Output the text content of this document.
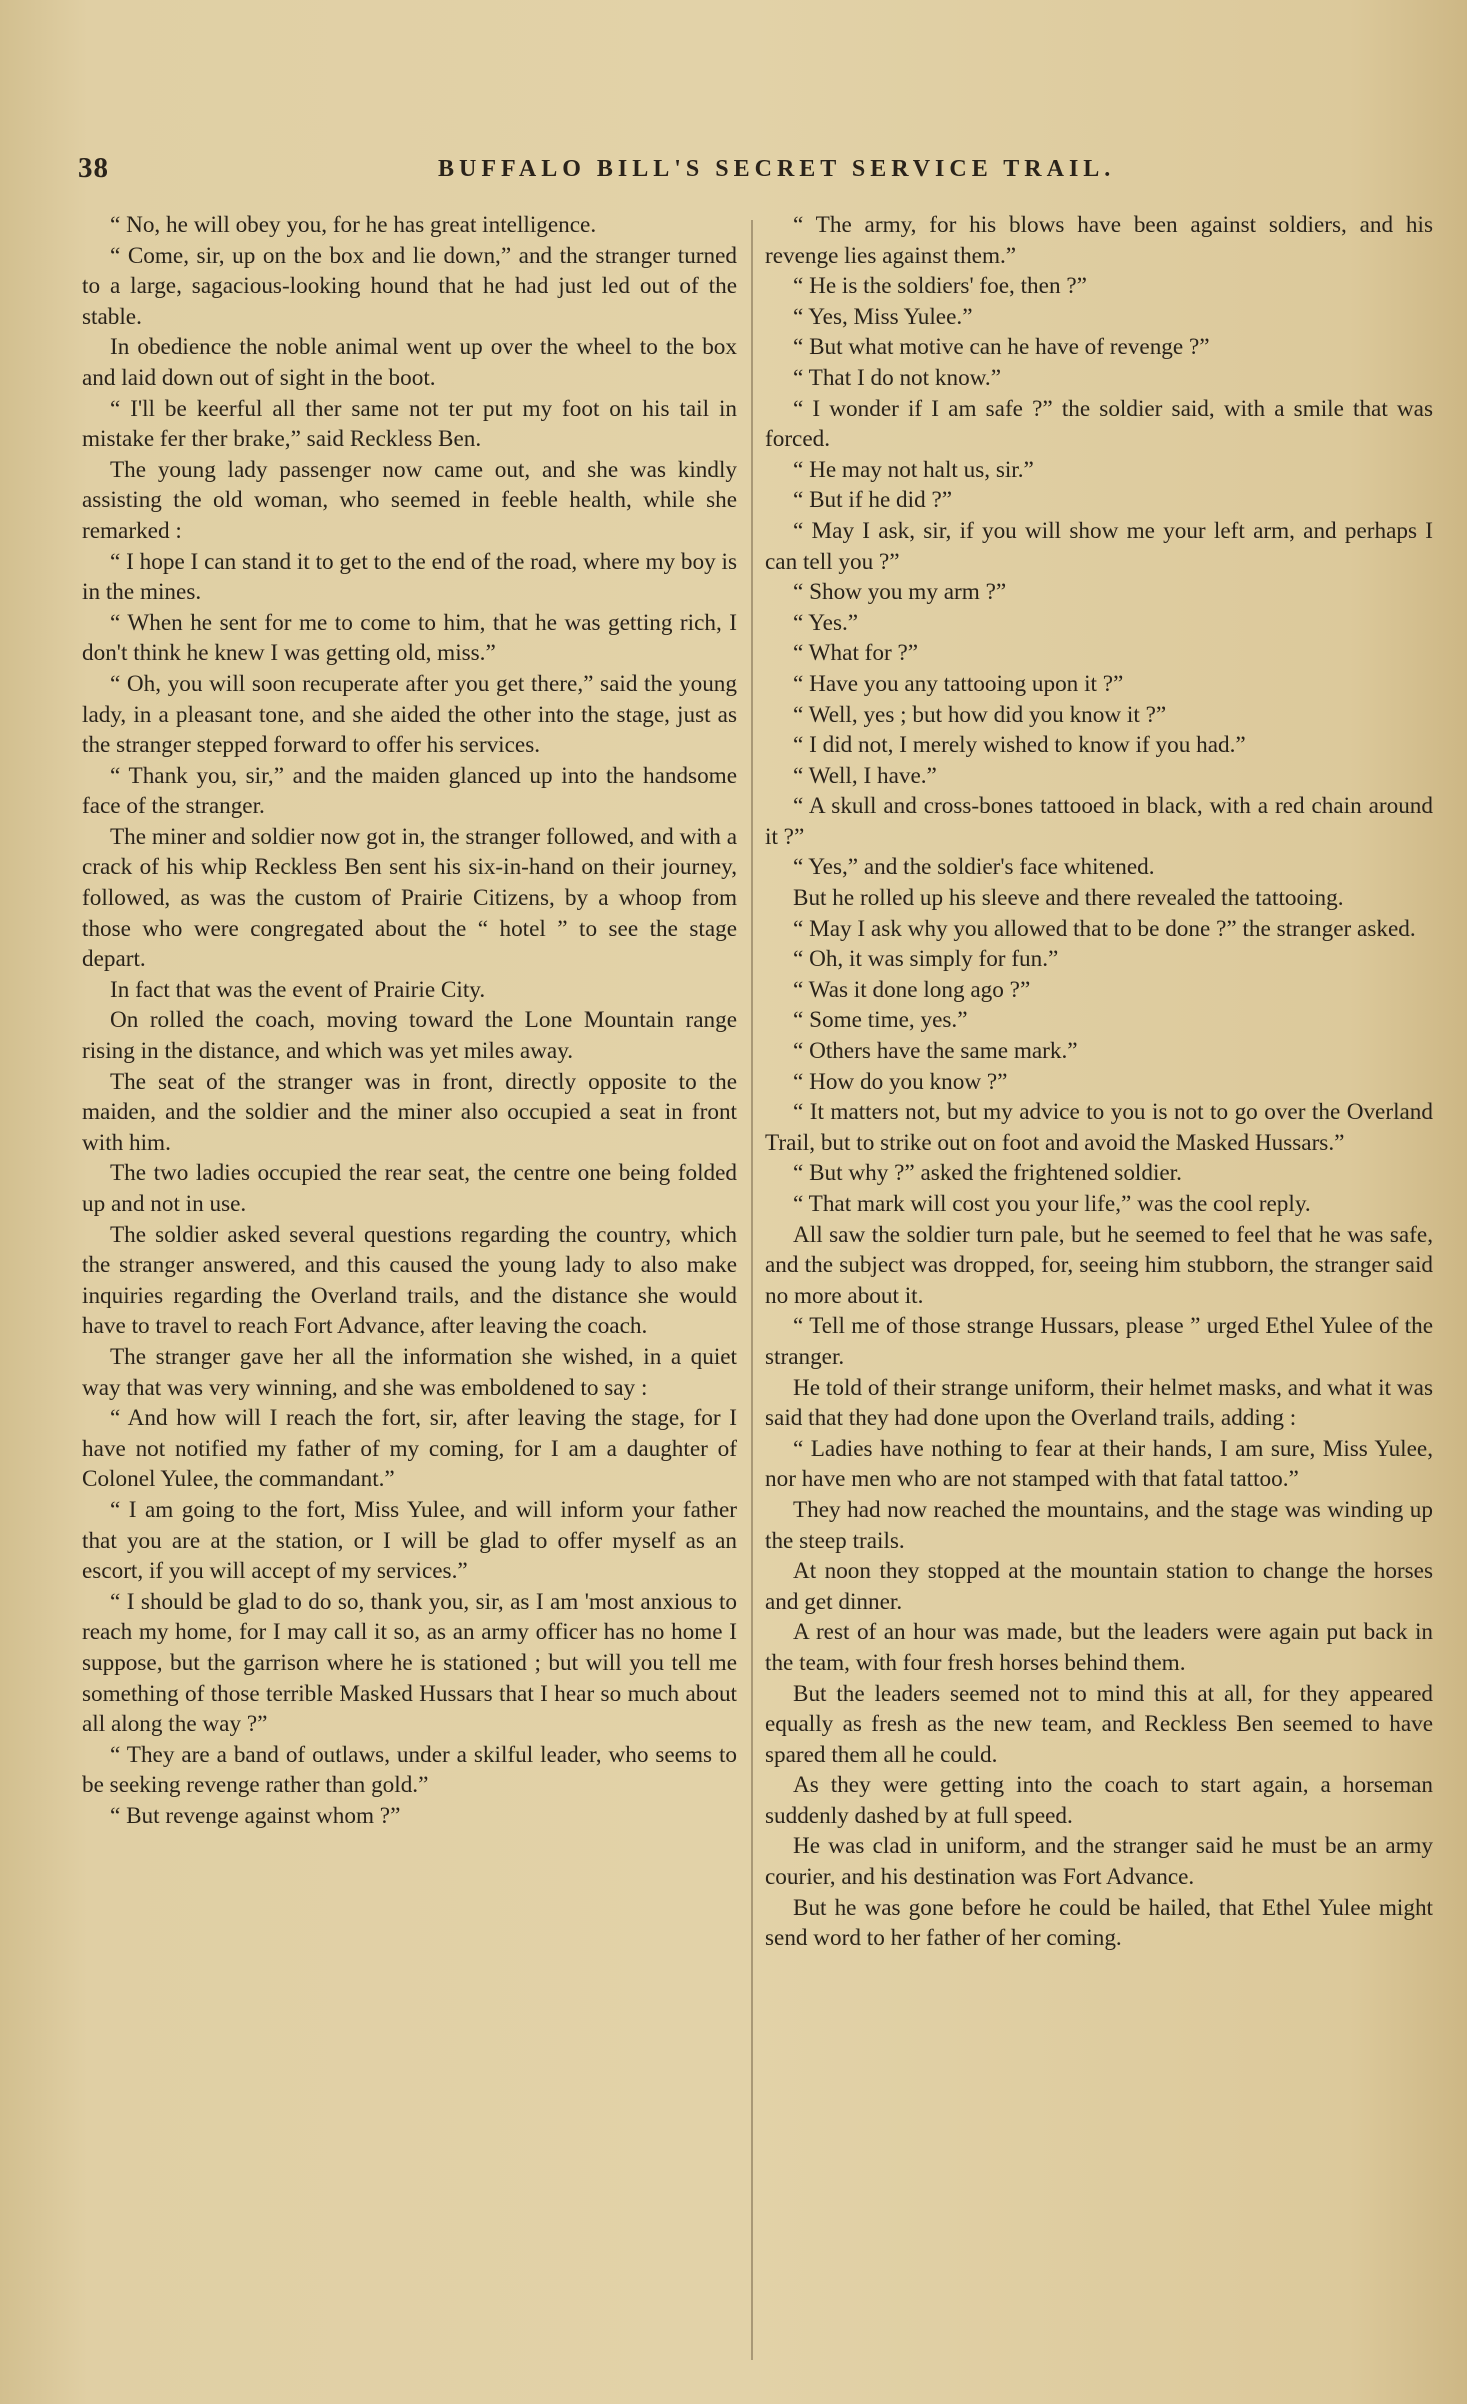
38	BUFFALO BILL'S SECRET SERVICE TRAIL.

“ No, he will obey you, for he has great intelligence.

“ Come, sir, up on the box and lie down,” and the stranger turned to a large, sagacious-looking hound that he had just led out of the stable.

In obedience the noble animal went up over the wheel to the box and laid down out of sight in the boot.

“ I'll be keerful all ther same not ter put my foot on his tail in mistake fer ther brake,” said Reckless Ben.

The young lady passenger now came out, and she was kindly assisting the old woman, who seemed in feeble health, while she remarked :

“ I hope I can stand it to get to the end of the road, where my boy is in the mines.

“ When he sent for me to come to him, that he was getting rich, I don't think he knew I was getting old, miss.”

“ Oh, you will soon recuperate after you get there,” said the young lady, in a pleasant tone, and she aided the other into the stage, just as the stranger stepped forward to offer his services.

“ Thank you, sir,” and the maiden glanced up into the handsome face of the stranger.

The miner and soldier now got in, the stranger followed, and with a crack of his whip Reckless Ben sent his six-in-hand on their journey, followed, as was the custom of Prairie Citizens, by a whoop from those who were congregated about the “ hotel ” to see the stage depart.

In fact that was the event of Prairie City.

On rolled the coach, moving toward the Lone Mountain range rising in the distance, and which was yet miles away.

The seat of the stranger was in front, directly opposite to the maiden, and the soldier and the miner also occupied a seat in front with him.

The two ladies occupied the rear seat, the centre one being folded up and not in use.

The soldier asked several questions regarding the country, which the stranger answered, and this caused the young lady to also make inquiries regarding the Overland trails, and the distance she would have to travel to reach Fort Advance, after leaving the coach.

The stranger gave her all the information she wished, in a quiet way that was very winning, and she was emboldened to say :

“ And how will I reach the fort, sir, after leaving the stage, for I have not notified my father of my coming, for I am a daughter of Colonel Yulee, the commandant.”

“ I am going to the fort, Miss Yulee, and will inform your father that you are at the station, or I will be glad to offer myself as an escort, if you will accept of my services.”

“ I should be glad to do so, thank you, sir, as I am 'most anxious to reach my home, for I may call it so, as an army officer has no home I suppose, but the garrison where he is stationed ; but will you tell me something of those terrible Masked Hussars that I hear so much about all along the way ?”

“ They are a band of outlaws, under a skilful leader, who seems to be seeking revenge rather than gold.”

“ But revenge against whom ?”

“ The army, for his blows have been against soldiers, and his revenge lies against them.”

“ He is the soldiers' foe, then ?”

“ Yes, Miss Yulee.”

“ But what motive can he have of revenge ?”

“ That I do not know.”

“ I wonder if I am safe ?” the soldier said, with a smile that was forced.

“ He may not halt us, sir.”

“ But if he did ?”

“ May I ask, sir, if you will show me your left arm, and perhaps I can tell you ?”

“ Show you my arm ?”

“ Yes.”

“ What for ?”

“ Have you any tattooing upon it ?”

“ Well, yes ; but how did you know it ?”

“ I did not, I merely wished to know if you had.”

“ Well, I have.”

“ A skull and cross-bones tattooed in black, with a red chain around it ?”

“ Yes,” and the soldier's face whitened.

But he rolled up his sleeve and there revealed the tattooing.

“ May I ask why you allowed that to be done ?” the stranger asked.

“ Oh, it was simply for fun.”

“ Was it done long ago ?”

“ Some time, yes.”

“ Others have the same mark.”

“ How do you know ?”

“ It matters not, but my advice to you is not to go over the Overland Trail, but to strike out on foot and avoid the Masked Hussars.”

“ But why ?” asked the frightened soldier.

“ That mark will cost you your life,” was the cool reply.

All saw the soldier turn pale, but he seemed to feel that he was safe, and the subject was dropped, for, seeing him stubborn, the stranger said no more about it.

“ Tell me of those strange Hussars, please ” urged Ethel Yulee of the stranger.

He told of their strange uniform, their helmet masks, and what it was said that they had done upon the Overland trails, adding :

“ Ladies have nothing to fear at their hands, I am sure, Miss Yulee, nor have men who are not stamped with that fatal tattoo.”

They had now reached the mountains, and the stage was winding up the steep trails.

At noon they stopped at the mountain station to change the horses and get dinner.

A rest of an hour was made, but the leaders were again put back in the team, with four fresh horses behind them.

But the leaders seemed not to mind this at all, for they appeared equally as fresh as the new team, and Reckless Ben seemed to have spared them all he could.

As they were getting into the coach to start again, a horseman suddenly dashed by at full speed.

He was clad in uniform, and the stranger said he must be an army courier, and his destination was Fort Advance.

But he was gone before he could be hailed, that Ethel Yulee might send word to her father of her coming.
